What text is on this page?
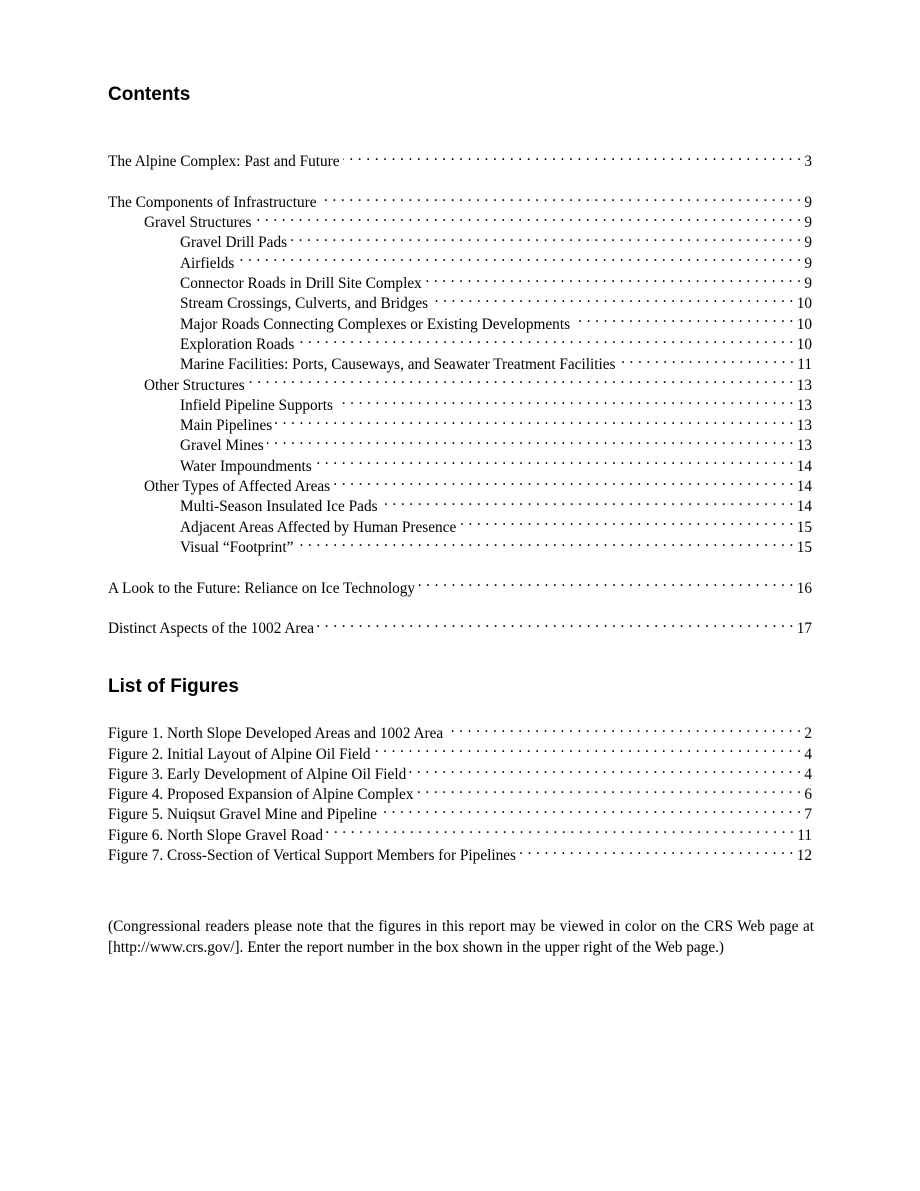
Contents
The Alpine Complex: Past and Future . . .	3
The Components of Infrastructure . . .	9
Gravel Structures . . .	9
Gravel Drill Pads . . .	9
Airfields . . .	9
Connector Roads in Drill Site Complex . . .	9
Stream Crossings, Culverts, and Bridges . . .	10
Major Roads Connecting Complexes or Existing Developments . . .	10
Exploration Roads . . .	10
Marine Facilities: Ports, Causeways, and Seawater Treatment Facilities . . .	11
Other Structures . . .	13
Infield Pipeline Supports . . .	13
Main Pipelines . . .	13
Gravel Mines . . .	13
Water Impoundments . . .	14
Other Types of Affected Areas . . .	14
Multi-Season Insulated Ice Pads . . .	14
Adjacent Areas Affected by Human Presence . . .	15
Visual “Footprint” . . .	15
A Look to the Future: Reliance on Ice Technology . . .	16
Distinct Aspects of the 1002 Area . . .	17
List of Figures
Figure 1. North Slope Developed Areas and 1002 Area . . .	2
Figure 2. Initial Layout of Alpine Oil Field . . .	4
Figure 3. Early Development of Alpine Oil Field . . .	4
Figure 4. Proposed Expansion of Alpine Complex . . .	6
Figure 5. Nuiqsut Gravel Mine and Pipeline . . .	7
Figure 6. North Slope Gravel Road . . .	11
Figure 7. Cross-Section of Vertical Support Members for Pipelines . . .	12

(Congressional readers please note that the figures in this report may be viewed in color on the CRS Web page at [http://www.crs.gov/]. Enter the report number in the box shown in the upper right of the Web page.)
